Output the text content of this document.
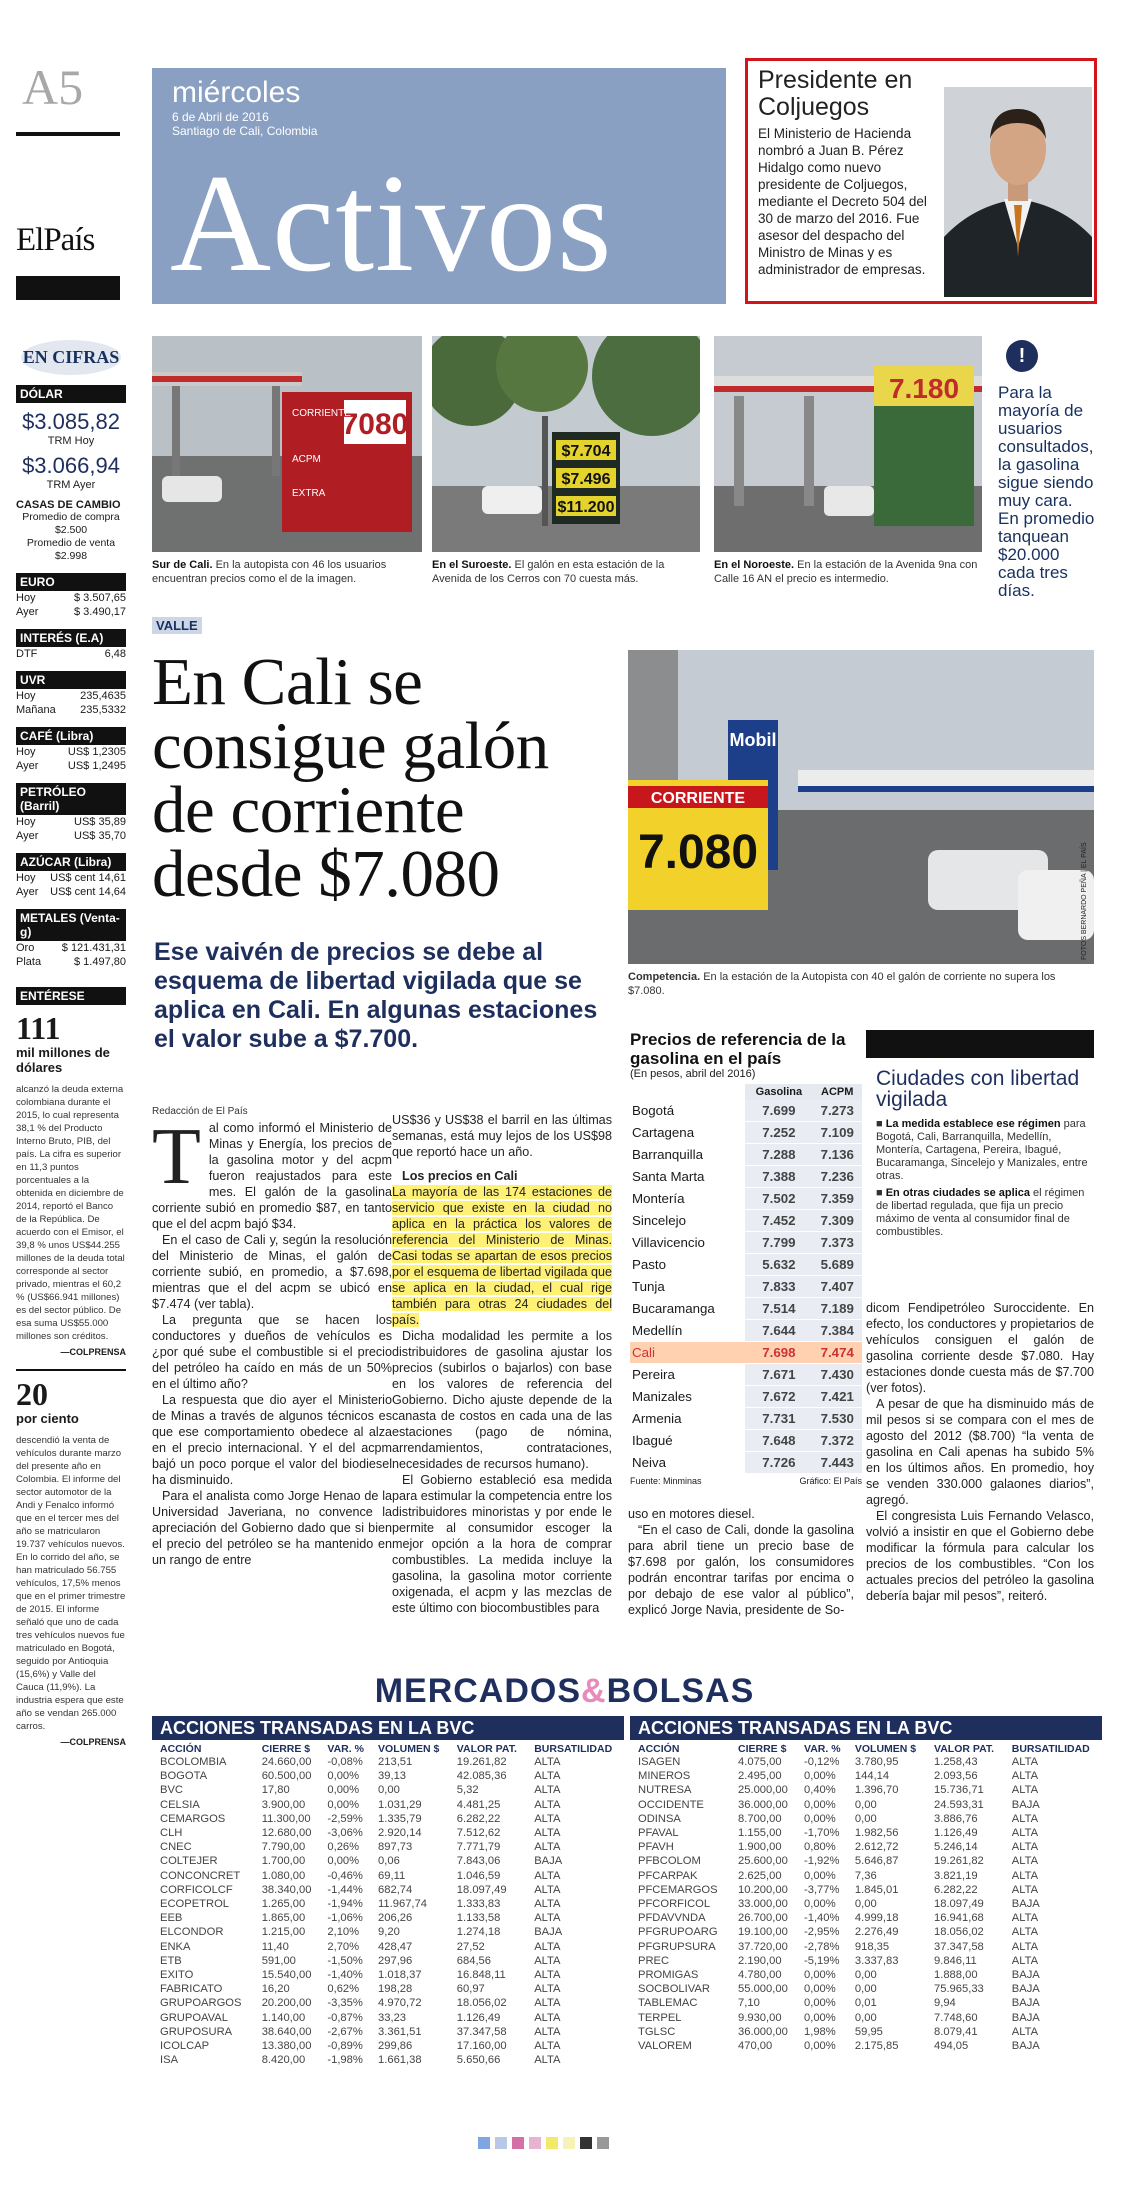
A5
ElPaís
miércoles
6 de Abril de 2016
Santiago de Cali, Colombia
Activos
Presidente en Coljuegos
El Ministerio de Hacienda nombró a Juan B. Pérez Hidalgo como nuevo presidente de Coljuegos, mediante el Decreto 504 del 30 de marzo del 2016. Fue asesor del despacho del Ministro de Minas y es administrador de empresas.
EN CIFRAS
DÓLAR
$3.085,82
TRM Hoy
$3.066,94
TRM Ayer
CASAS DE CAMBIO
Promedio de compra
$2.500
Promedio de venta
$2.998
EURO
Hoy	$ 3.507,65
Ayer	$ 3.490,17
INTERÉS (E.A)
DTF	6,48
UVR
Hoy	235,4635
Mañana 235,5332
CAFÉ (Libra)
Hoy	US$ 1,2305
Ayer	US$ 1,2495
PETRÓLEO (Barril)
Hoy	US$ 35,89
Ayer	US$ 35,70
AZÚCAR (Libra)
Hoy US$ cent 14,61
Ayer US$ cent 14,64
METALES (Venta-g)
Oro $ 121.431,31
Plata	$ 1.497,80
ENTÉRESE
111
mil millones de dólares
alcanzó la deuda externa colombiana durante el 2015, lo cual representa 38,1 % del Producto Interno Bruto, PIB, del país. La cifra es superior en 11,3 puntos porcentuales a la obtenida en diciembre de 2014, reportó el Banco de la República. De acuerdo con el Emisor, el 39,8 % unos US$44.255 millones de la deuda total corresponde al sector privado, mientras el 60,2 % (US$66.941 millones) es del sector público. De esa suma US$55.000 millones son créditos.
—COLPRENSA
20
por ciento
descendió la venta de vehículos durante marzo del presente año en Colombia. El informe del sector automotor de la Andi y Fenalco informó que en el tercer mes del año se matricularon 19.737 vehículos nuevos. En lo corrido del año, se han matriculado 56.755 vehículos, 17,5% menos que en el primer trimestre de 2015. El informe señaló que uno de cada tres vehículos nuevos fue matriculado en Bogotá, seguido por Antioquia (15,6%) y Valle del Cauca (11,9%). La industria espera que este año se vendan 265.000 carros.
—COLPRENSA
7080
CORRIENTE
ACPM
EXTRA
Sur de Cali. En la autopista con 46 los usuarios encuentran precios como el de la imagen.
$7.704
$7.496
$11.200
En el Suroeste. El galón en esta estación de la Avenida de los Cerros con 70 cuesta más.
7.180
En el Noroeste. En la estación de la Avenida 9na con Calle 16 AN el precio es intermedio.
!
Para la mayoría de usuarios consultados, la gasolina sigue siendo muy cara. En promedio tanquean $20.000 cada tres días.
VALLE
En Cali se consigue galón de corriente desde $7.080
Ese vaivén de precios se debe al esquema de libertad vigilada que se aplica en Cali. En algunas estaciones el valor sube a $7.700.
Redacción de El País
Mobil
CORRIENTE
7.080	FOTOS BERNARDO PEÑA | EL PAÍS
Competencia. En la estación de la Autopista con 40 el galón de corriente no supera los $7.080.

Tal como informó el Ministerio de Minas y Energía, los precios de la gasolina motor y del acpm fueron reajustados para este mes. El galón de la gasolina corriente subió en promedio $87, en tanto que el del acpm bajó $34.

En el caso de Cali y, según la resolución del Ministerio de Minas, el galón de corriente subió, en promedio, a $7.698, mientras que el del acpm se ubicó en $7.474 (ver tabla).

La pregunta que se hacen los conductores y dueños de vehículos es ¿por qué sube el combustible si el precio del petróleo ha caído en más de un 50% en el último año?

La respuesta que dio ayer el Ministerio de Minas a través de algunos técnicos es que ese comportamiento obedece al alza en el precio internacional. Y el del acpm bajó un poco porque el valor del biodiesel ha disminuido.

Para el analista como Jorge Henao de la Universidad Javeriana, no convence la apreciación del Gobierno dado que si bien el precio del petróleo se ha mantenido en un rango de entre

US$36 y US$38 el barril en las últimas semanas, está muy lejos de los US$98 que reportó hace un año.

Los precios en Cali

La mayoría de las 174 estaciones de servicio que existe en la ciudad no aplica en la práctica los valores de referencia del Ministerio de Minas. Casi todas se apartan de esos precios por el esquema de libertad vigilada que se aplica en la ciudad, el cual rige también para otras 24 ciudades del país.

Dicha modalidad les permite a los distribuidores de gasolina ajustar los precios (subirlos o bajarlos) con base en los valores de referencia del Gobierno. Dicho ajuste depende de la canasta de costos en cada una de las estaciones (pago de nómina, arrendamientos, contrataciones, necesidades de recursos humano).

El Gobierno estableció esa medida para estimular la competencia entre los distribuidores minoristas y por ende le permite al consumidor escoger la mejor opción a la hora de comprar combustibles. La medida incluye la gasolina, la gasolina motor corriente oxigenada, el acpm y las mezclas de este último con biocombustibles para

uso en motores diesel.

“En el caso de Cali, donde la gasolina para abril tiene un precio base de $7.698 por galón, los consumidores podrán encontrar tarifas por encima o por debajo de ese valor al público”, explicó Jorge Navia, presidente de So-

Precios de referencia de la gasolina en el país
(En pesos, abril del 2016)
	Gasolina	ACPM
Bogotá	7.699	7.273
Cartagena	7.252	7.109
Barranquilla	7.288	7.136
Santa Marta	7.388	7.236
Montería	7.502	7.359
Sincelejo	7.452	7.309
Villavicencio	7.799	7.373
Pasto	5.632	5.689
Tunja	7.833	7.407
Bucaramanga	7.514	7.189
Medellín	7.644	7.384
Cali	7.698	7.474
Pereira	7.671	7.430
Manizales	7.672	7.421
Armenia	7.731	7.530
Ibagué	7.648	7.372
Neiva	7.726	7.443
Fuente: Minminas	Gráfico: El País
Ciudades con libertad vigilada
■ La medida establece ese régimen para Bogotá, Cali, Barranquilla, Medellín, Montería, Cartagena, Pereira, Ibagué, Bucaramanga, Sincelejo y Manizales, entre otras.
■ En otras ciudades se aplica el régimen de libertad regulada, que fija un precio máximo de venta al consumidor final de combustibles.

dicom Fendipetróleo Suroccidente. En efecto, los conductores y propietarios de vehículos consiguen el galón de gasolina corriente desde $7.080. Hay estaciones donde cuesta más de $7.700 (ver fotos).

A pesar de que ha disminuido más de mil pesos si se compara con el mes de agosto del 2012 ($8.700) “la venta de gasolina en Cali apenas ha subido 5% en los últimos años. En promedio, hoy se venden 330.000 galaones diarios”, agregó.

El congresista Luis Fernando Velasco, volvió a insistir en que el Gobierno debe modificar la fórmula para calcular los precios de los combustibles. “Con los actuales precios del petróleo la gasolina debería bajar mil pesos”, reiteró.

MERCADOS&BOLSAS
ACCIONES TRANSADAS EN LA BVC
ACCIÓN	CIERRE $	VAR. %	VOLUMEN $	VALOR PAT.	BURSATILIDAD
BCOLOMBIA	24.660,00	-0,08%	213,51	19.261,82	ALTA
BOGOTA	60.500,00	0,00%	39,13	42.085,36	ALTA
BVC	17,80	0,00%	0,00	5,32	ALTA
CELSIA	3.900,00	0,00%	1.031,29	4.481,25	ALTA
CEMARGOS	11.300,00	-2,59%	1.335,79	6.282,22	ALTA
CLH	12.680,00	-3,06%	2.920,14	7.512,62	ALTA
CNEC	7.790,00	0,26%	897,73	7.771,79	ALTA
COLTEJER	1.700,00	0,00%	0,06	7.843,06	BAJA
CONCONCRET	1.080,00	-0,46%	69,11	1.046,59	ALTA
CORFICOLCF	38.340,00	-1,44%	682,74	18.097,49	ALTA
ECOPETROL	1.265,00	-1,94%	11.967,74	1.333,83	ALTA
EEB	1.865,00	-1,06%	206,26	1.133,58	ALTA
ELCONDOR	1.215,00	2,10%	9,20	1.274,18	BAJA
ENKA	11,40	2,70%	428,47	27,52	ALTA
ETB	591,00	-1,50%	297,96	684,56	ALTA
EXITO	15.540,00	-1,40%	1.018,37	16.848,11	ALTA
FABRICATO	16,20	0,62%	198,28	60,97	ALTA
GRUPOARGOS	20.200,00	-3,35%	4.970,72	18.056,02	ALTA
GRUPOAVAL	1.140,00	-0,87%	33,23	1.126,49	ALTA
GRUPOSURA	38.640,00	-2,67%	3.361,51	37.347,58	ALTA
ICOLCAP	13.380,00	-0,89%	299,86	17.160,00	ALTA
ISA	8.420,00	-1,98%	1.661,38	5.650,66	ALTA
ACCIONES TRANSADAS EN LA BVC
ACCIÓN	CIERRE $	VAR. %	VOLUMEN $	VALOR PAT.	BURSATILIDAD
ISAGEN	4.075,00	-0,12%	3.780,95	1.258,43	ALTA
MINEROS	2.495,00	0,00%	144,14	2.093,56	ALTA
NUTRESA	25.000,00	0,40%	1.396,70	15.736,71	ALTA
OCCIDENTE	36.000,00	0,00%	0,00	24.593,31	BAJA
ODINSA	8.700,00	0,00%	0,00	3.886,76	ALTA
PFAVAL	1.155,00	-1,70%	1.982,56	1.126,49	ALTA
PFAVH	1.900,00	0,80%	2.612,72	5.246,14	ALTA
PFBCOLOM	25.600,00	-1,92%	5.646,87	19.261,82	ALTA
PFCARPAK	2.625,00	0,00%	7,36	3.821,19	ALTA
PFCEMARGOS	10.200,00	-3,77%	1.845,01	6.282,22	ALTA
PFCORFICOL	33.000,00	0,00%	0,00	18.097,49	BAJA
PFDAVVNDA	26.700,00	-1,40%	4.999,18	16.941,68	ALTA
PFGRUPOARG	19.100,00	-2,95%	2.276,49	18.056,02	ALTA
PFGRUPSURA	37.720,00	-2,78%	918,35	37.347,58	ALTA
PREC	2.190,00	-5,19%	3.337,83	9.846,11	ALTA
PROMIGAS	4.780,00	0,00%	0,00	1.888,00	BAJA
SOCBOLIVAR	55.000,00	0,00%	0,00	75.965,33	BAJA
TABLEMAC	7,10	0,00%	0,01	9,94	BAJA
TERPEL	9.930,00	0,00%	0,00	7.748,60	BAJA
TGLSC	36.000,00	1,98%	59,95	8.079,41	ALTA
VALOREM	470,00	0,00%	2.175,85	494,05	BAJA
